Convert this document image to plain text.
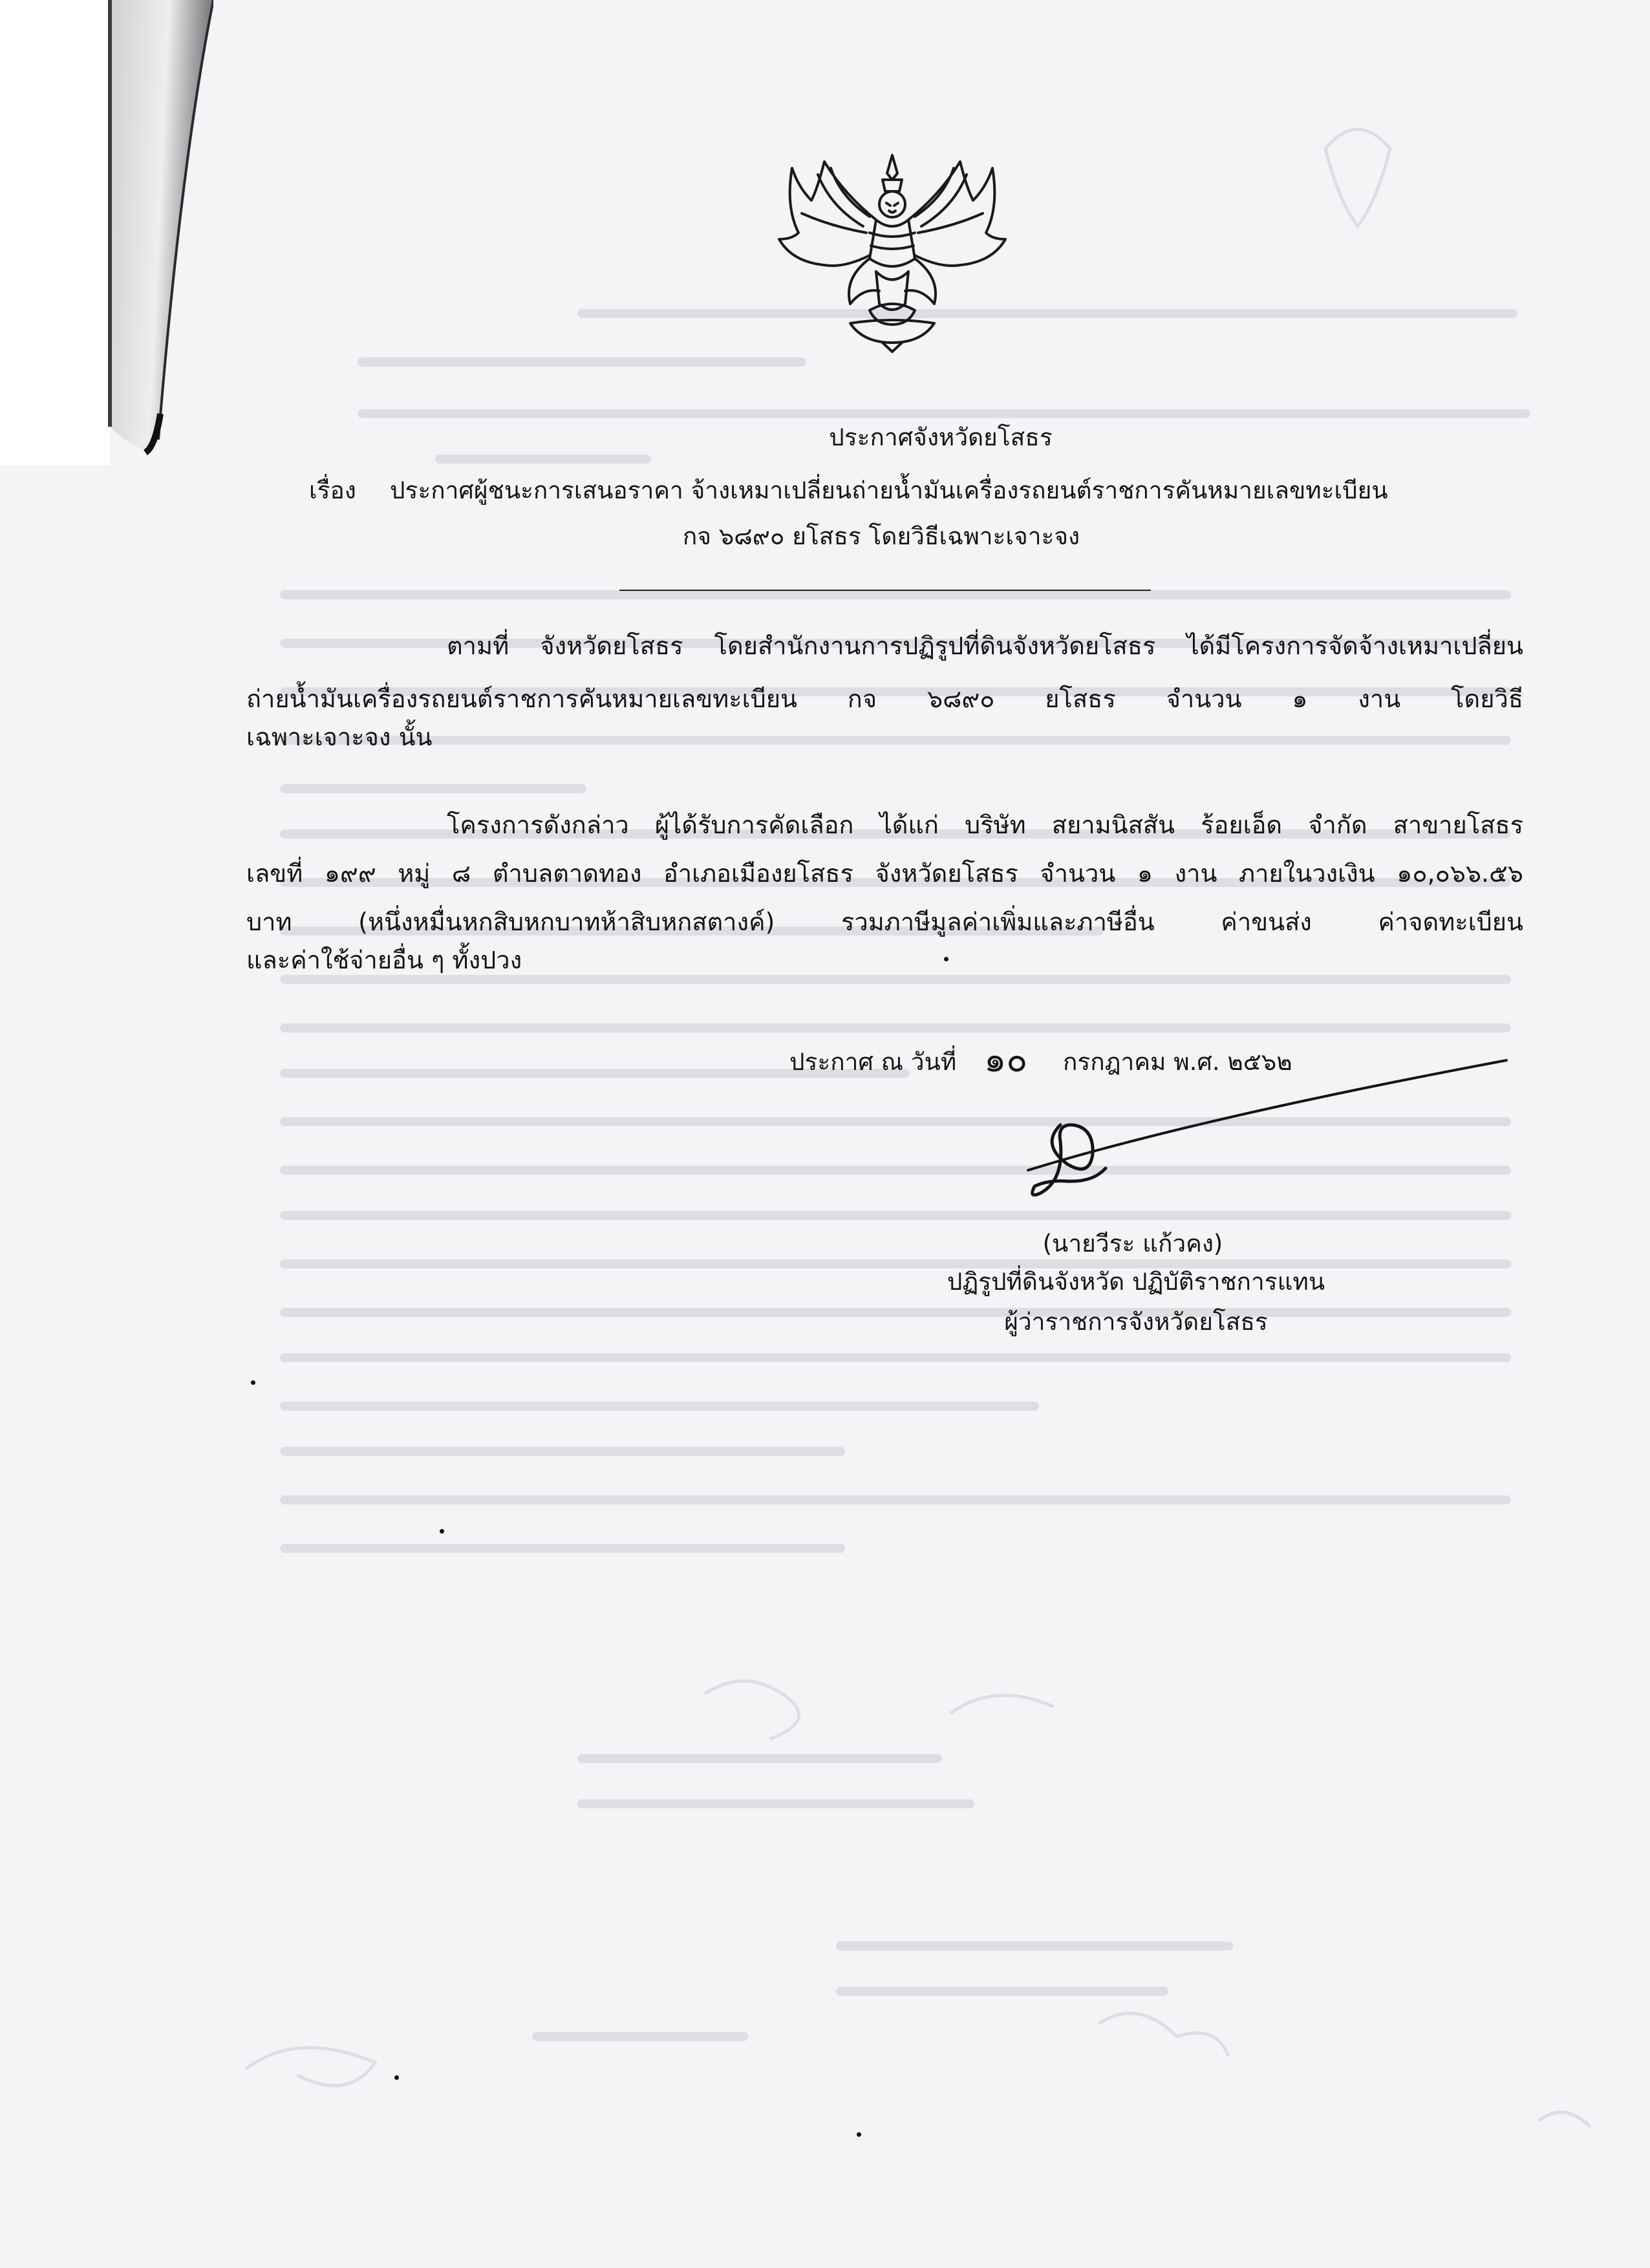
ประกาศจังหวัดยโสธร
เรื่อง ประกาศผู้ชนะการเสนอราคา จ้างเหมาเปลี่ยนถ่ายน้ำมันเครื่องรถยนต์ราชการคันหมายเลขทะเบียน
กจ ๖๘๙๐ ยโสธร โดยวิธีเฉพาะเจาะจง
ตามที่ จังหวัดยโสธร โดยสำนักงานการปฏิรูปที่ดินจังหวัดยโสธร ได้มีโครงการจัดจ้างเหมาเปลี่ยน
ถ่ายน้ำมันเครื่องรถยนต์ราชการคันหมายเลขทะเบียน กจ ๖๘๙๐ ยโสธร จำนวน ๑ งาน โดยวิธี
เฉพาะเจาะจง นั้น
โครงการดังกล่าว ผู้ได้รับการคัดเลือก ได้แก่ บริษัท สยามนิสสัน ร้อยเอ็ด จำกัด สาขายโสธร
เลขที่ ๑๙๙ หมู่ ๘ ตำบลตาดทอง อำเภอเมืองยโสธร จังหวัดยโสธร จำนวน ๑ งาน ภายในวงเงิน ๑๐,๐๖๖.๕๖
บาท (หนึ่งหมื่นหกสิบหกบาทห้าสิบหกสตางค์) รวมภาษีมูลค่าเพิ่มและภาษีอื่น ค่าขนส่ง ค่าจดทะเบียน
และค่าใช้จ่ายอื่น ๆ ทั้งปวง
ประกาศ ณ วันที่ ๑๐ กรกฎาคม พ.ศ. ๒๕๖๒
(นายวีระ แก้วคง)
ปฏิรูปที่ดินจังหวัด ปฏิบัติราชการแทน
ผู้ว่าราชการจังหวัดยโสธร
